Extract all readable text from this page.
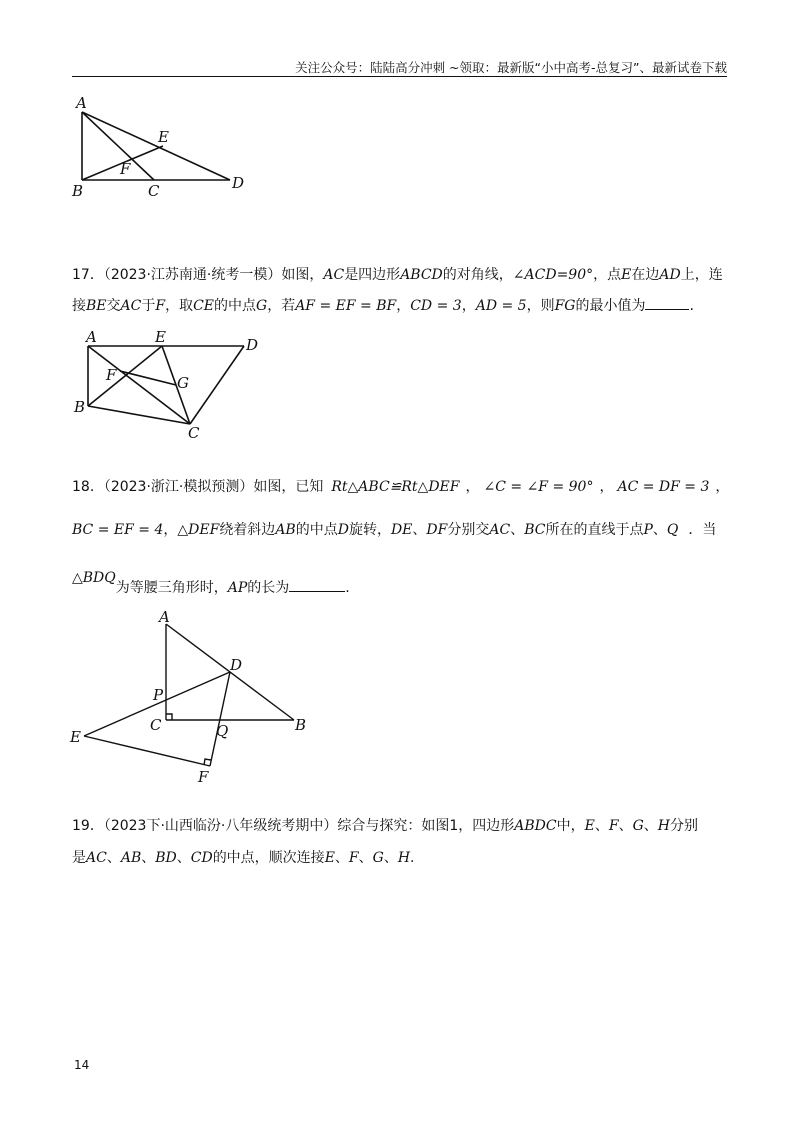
关注公众号：陆陆高分冲刺 ~领取：最新版“小中高考-总复习”、最新试卷下载
A
E
F
B	C	D
17．（2023·江苏南通·统考一模）如图，AC是四边形ABCD的对角线，∠ACD=90°，点E在边AD上，连
接BE交AC于F，取CE的中点G，若AF = EF = BF，CD = 3，AD = 5，则FG的最小值为	.
A	E	D
F	G
B
C
18．（2023·浙江·模拟预测）如图，已知 Rt△ABC≌Rt△DEF ， ∠C = ∠F = 90° ， AC = DF = 3 ，
BC = EF = 4，△DEF绕着斜边AB的中点D旋转，DE、DF分别交AC、BC所在的直线于点P、Q ．当
△BDQ为等腰三角形时，AP的长为	.
A
D
P
C	Q	B
E
F
19．（2023下·山西临汾·八年级统考期中）综合与探究：如图1，四边形ABDC中，E、F、G、H分别
是AC、AB、BD、CD的中点，顺次连接E、F、G、H.
14
